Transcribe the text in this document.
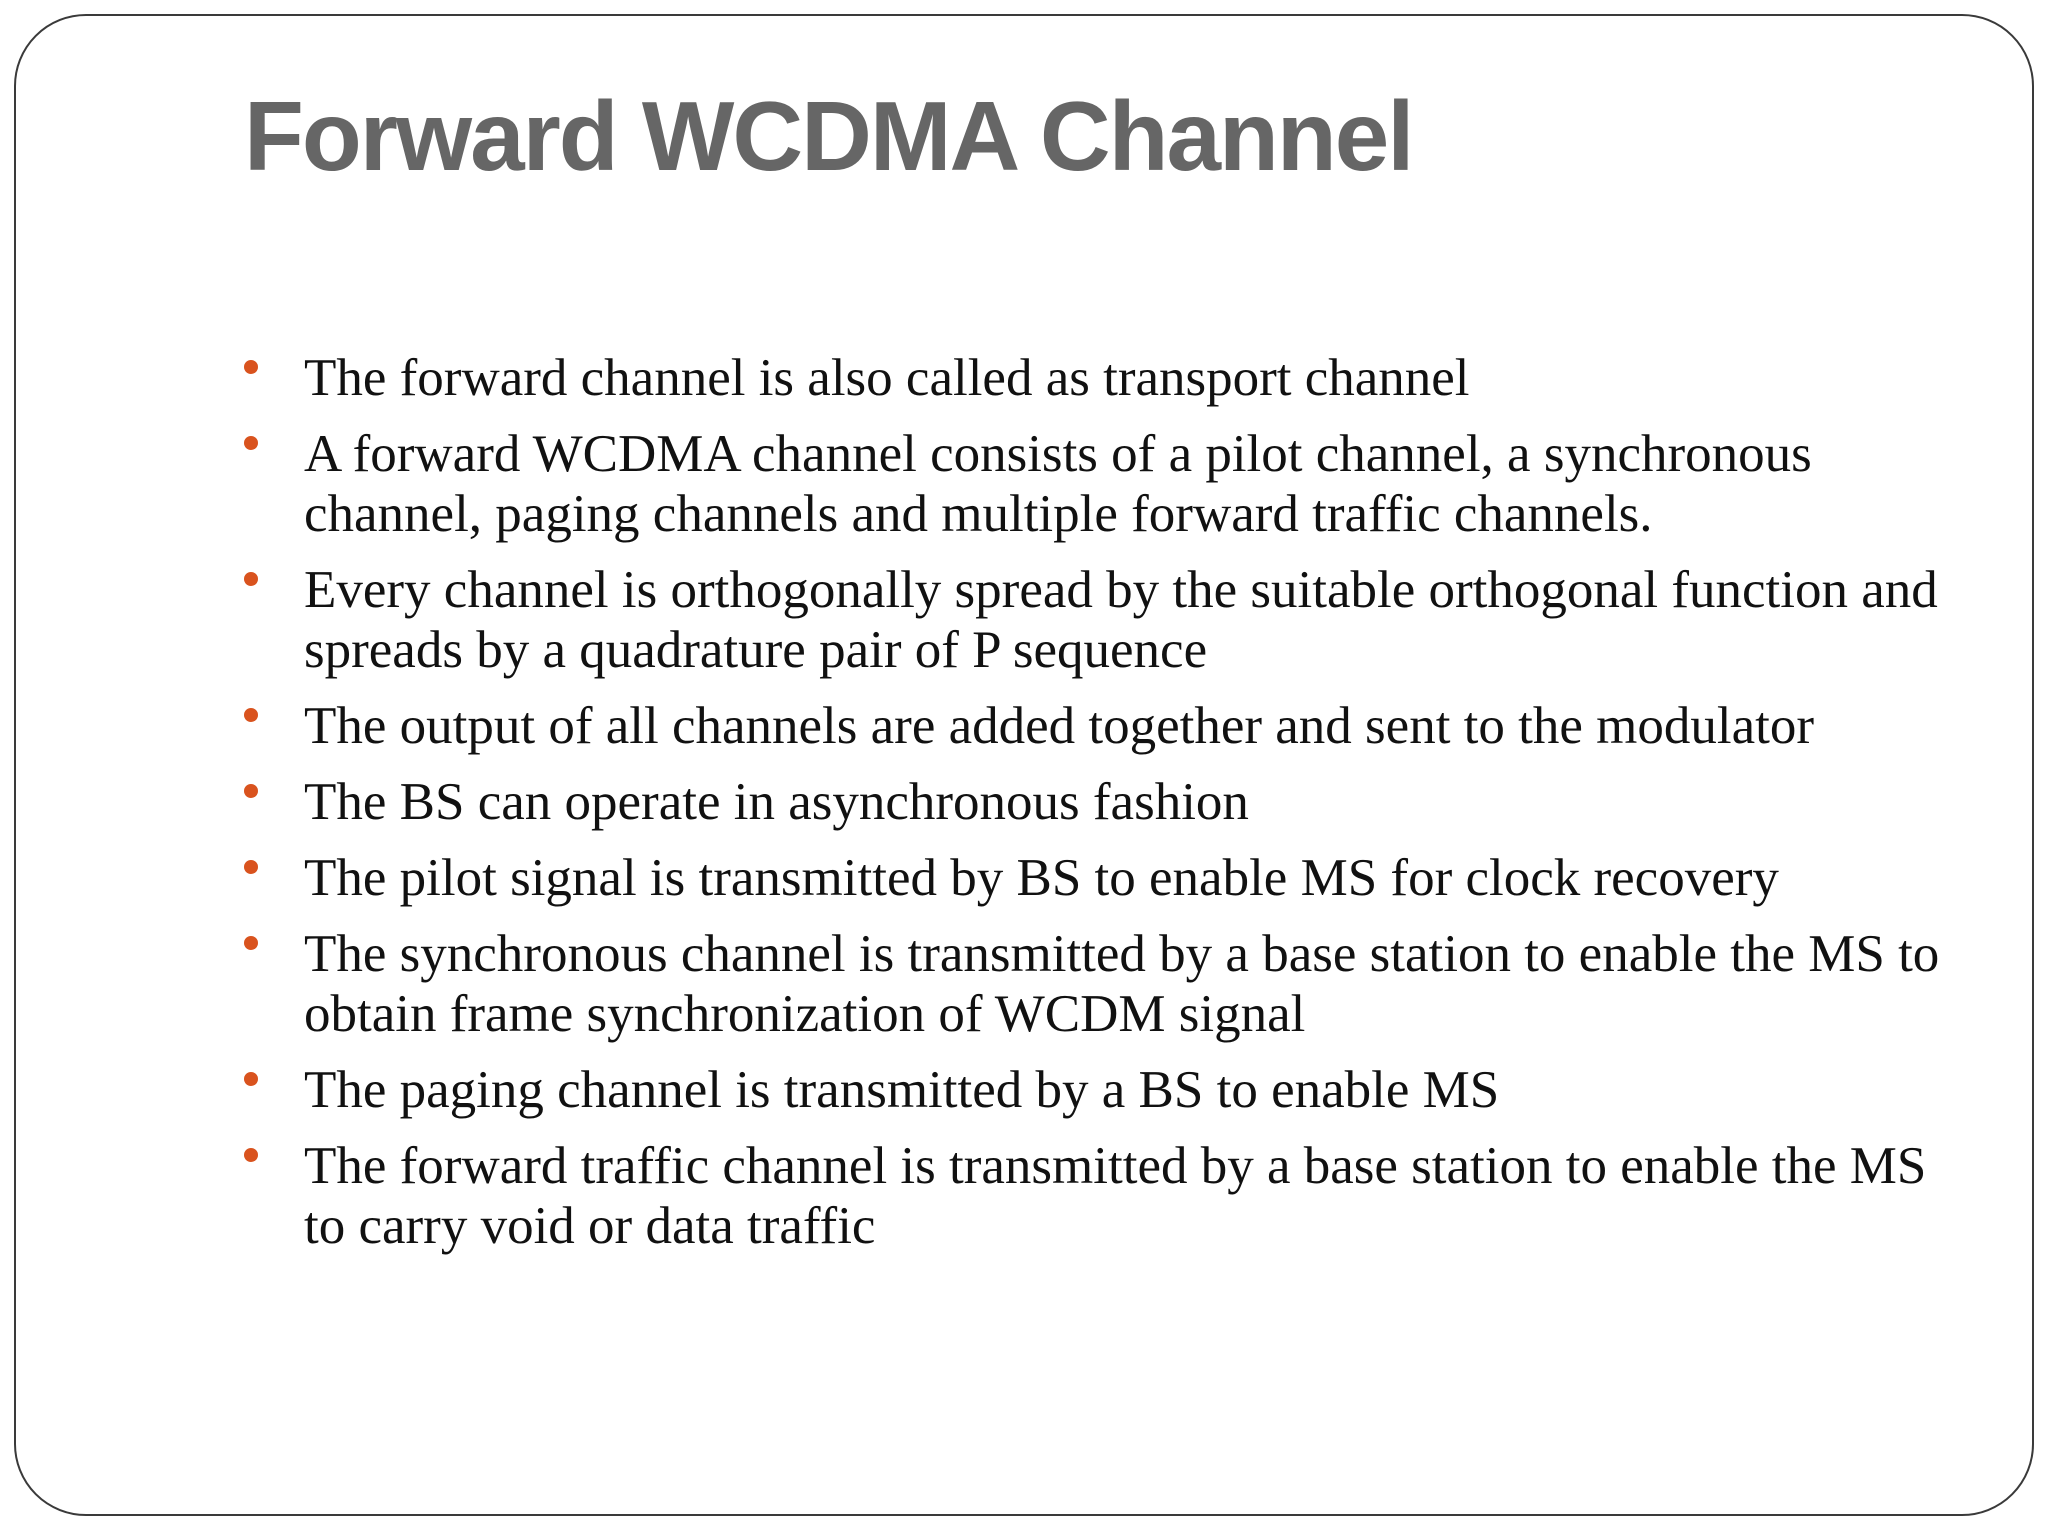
Forward WCDMA Channel
The forward channel is also called as transport channel
A forward WCDMA channel consists of a pilot channel, a synchronous channel, paging channels and multiple forward traffic channels.
Every channel is orthogonally spread by the suitable orthogonal function and spreads by a quadrature pair of P sequence
The output of all channels are added together and sent to the modulator
The BS can operate in asynchronous fashion
The pilot signal is transmitted by BS to enable MS for clock recovery
The synchronous channel is transmitted by a base station to enable the MS to obtain frame synchronization of WCDM signal
The paging channel is transmitted by a BS to enable MS
The forward traffic channel is transmitted by a base station to enable the MS to carry void or data traffic
